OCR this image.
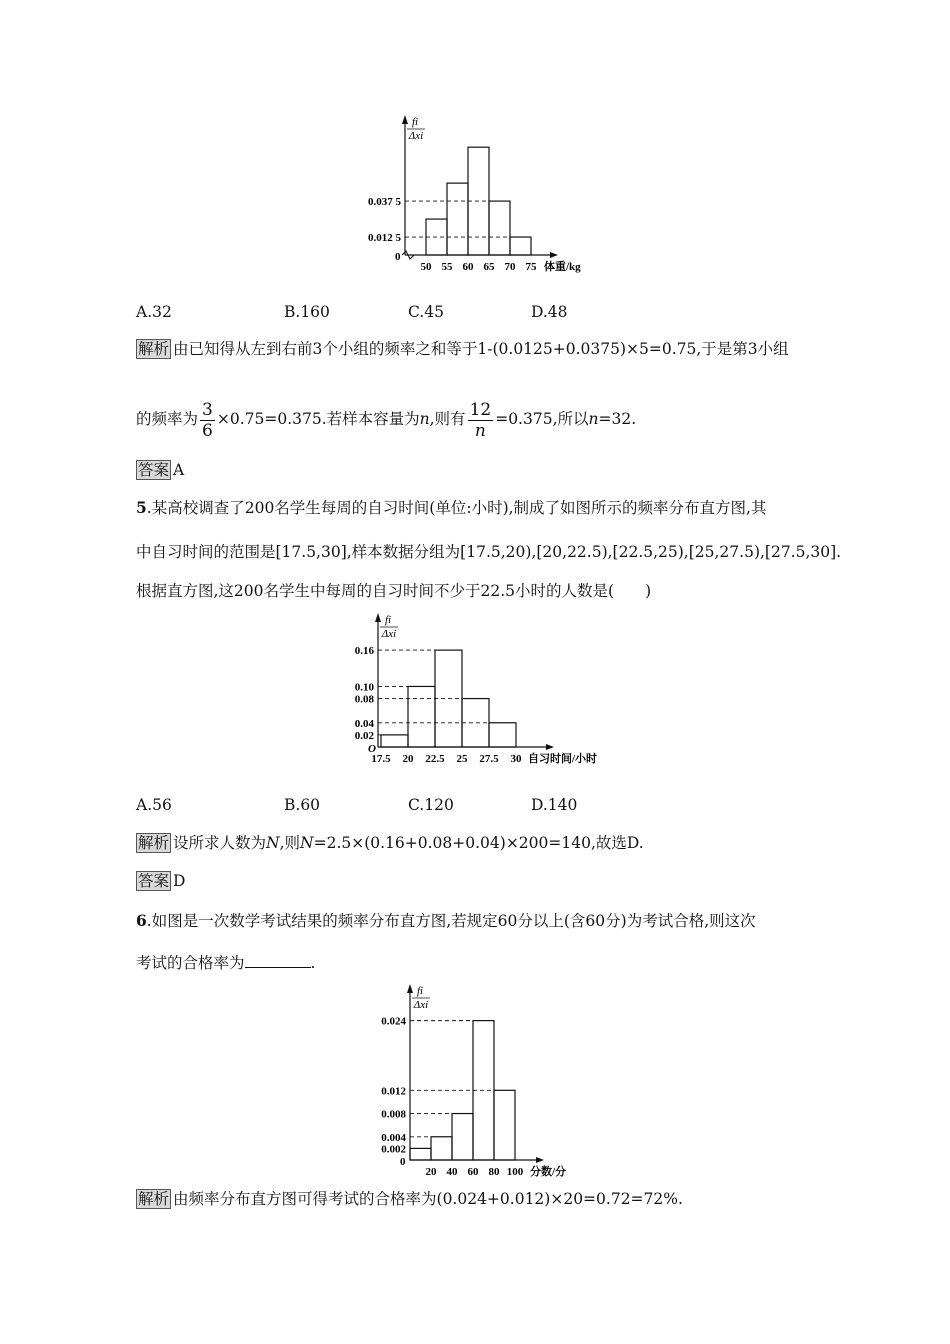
fi
Δxi
0
0.037 5
0.012 5
50 55 60 65 70 75 体重/kg
A.32	B.160	C.45	D.48
解析 由已知得从左到右前3个小组的频率之和等于1-(0.0125+0.0375)×5=0.75,于是第3小组
的频率为 $\frac{3}{6} \times 0.75=0.375$.若样本容量为n,则有 $\frac{12}{n} =0.375$,所以n=32.
答案 A
5.某高校调查了200名学生每周的自习时间(单位:小时),制成了如图所示的频率分布直方图,其
中自习时间的范围是[17.5,30],样本数据分组为[17.5,20),[20,22.5),[22.5,25),[25,27.5),[27.5,30].
根据直方图,这200名学生中每周的自习时间不少于22.5小时的人数是(　　)
fi
Δxi
O
0.16
0.10
0.08
0.04
0.02
17.5 20 22.5 25 27.5 30 自习时间/小时
A.56	B.60	C.120	D.140
解析 设所求人数为N,则N=2.5×(0.16+0.08+0.04)×200=140,故选D.
答案 D
6.如图是一次数学考试结果的频率分布直方图,若规定60分以上(含60分)为考试合格,则这次
考试的合格率为	.
fi
Δxi
0
0.024
0.012
0.008
0.004
0.002
20 40 60 80 100 分数/分
解析 由频率分布直方图可得考试的合格率为(0.024+0.012)×20=0.72=72%.
